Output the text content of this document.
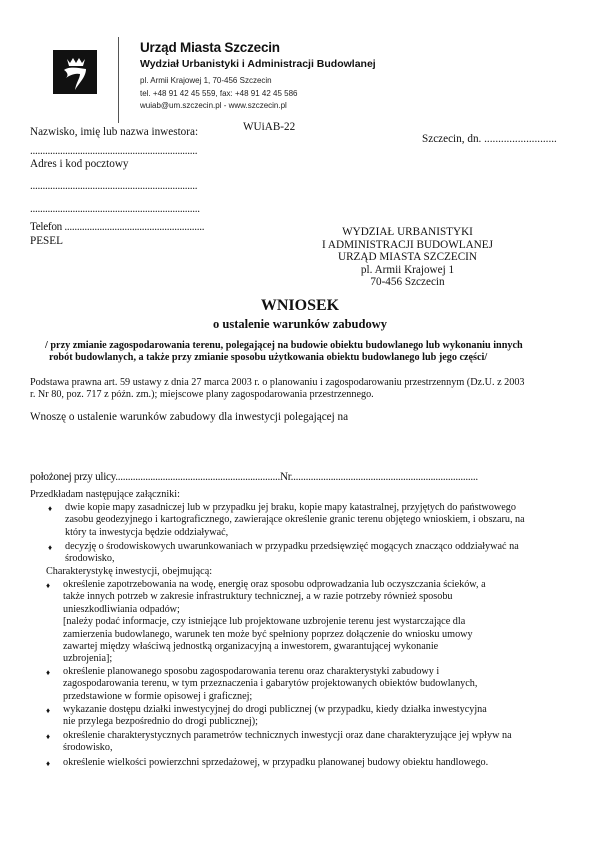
Urząd Miasta Szczecin
Wydział Urbanistyki i Administracji Budowlanej
pl. Armii Krajowej 1, 70-456 Szczecin
tel. +48 91 42 45 559, fax: +48 91 42 45 586
wuiab@um.szczecin.pl - www.szczecin.pl
WUiAB-22
Szczecin, dn. ..........................
Nazwisko, imię lub nazwa inwestora:
...................................................................
Adres i kod pocztowy
...................................................................
....................................................................
Telefon ........................................................
PESEL
WYDZIAŁ URBANISTYKI
I ADMINISTRACJI BUDOWLANEJ
URZĄD MIASTA SZCZECIN
pl. Armii Krajowej 1
70-456 Szczecin
WNIOSEK
o ustalenie warunków zabudowy
/ przy zmianie zagospodarowania terenu, polegającej na budowie obiektu budowlanego lub wykonaniu innych
robót budowlanych, a także przy zmianie sposobu użytkowania obiektu budowlanego lub jego części/
Podstawa prawna art. 59 ustawy z dnia 27 marca 2003 r. o planowaniu i zagospodarowaniu przestrzennym (Dz.U. z 2003
r. Nr 80, poz. 717 z późn. zm.); miejscowe plany zagospodarowania przestrzennego.
Wnoszę o ustalenie warunków zabudowy dla inwestycji polegającej na
położonej przy ulicy..................................................................Nr...........................................................................
Przedkładam następujące załączniki:
♦ dwie kopie mapy zasadniczej lub w przypadku jej braku, kopie mapy katastralnej, przyjętych do państwowego
zasobu geodezyjnego i kartograficznego, zawierające określenie granic terenu objętego wnioskiem, i obszaru, na
który ta inwestycja będzie oddziaływać,
♦ decyzję o środowiskowych uwarunkowaniach w przypadku przedsięwzięć mogących znacząco oddziaływać na
środowisko,
Charakterystykę inwestycji, obejmującą:
♦ określenie zapotrzebowania na wodę, energię oraz sposobu odprowadzania lub oczyszczania ścieków, a
także innych potrzeb w zakresie infrastruktury technicznej, a w razie potrzeby również sposobu
unieszkodliwiania odpadów;
[należy podać informacje, czy istniejące lub projektowane uzbrojenie terenu jest wystarczające dla
zamierzenia budowlanego, warunek ten może być spełniony poprzez dołączenie do wniosku umowy
zawartej między właściwą jednostką organizacyjną a inwestorem, gwarantującej wykonanie
uzbrojenia];
♦ określenie planowanego sposobu zagospodarowania terenu oraz charakterystyki zabudowy i
zagospodarowania terenu, w tym przeznaczenia i gabarytów projektowanych obiektów budowlanych,
przedstawione w formie opisowej i graficznej;
♦ wykazanie dostępu działki inwestycyjnej do drogi publicznej (w przypadku, kiedy działka inwestycyjna
nie przylega bezpośrednio do drogi publicznej);
♦ określenie charakterystycznych parametrów technicznych inwestycji oraz dane charakteryzujące jej wpływ na
środowisko,
♦ określenie wielkości powierzchni sprzedażowej, w przypadku planowanej budowy obiektu handlowego.
